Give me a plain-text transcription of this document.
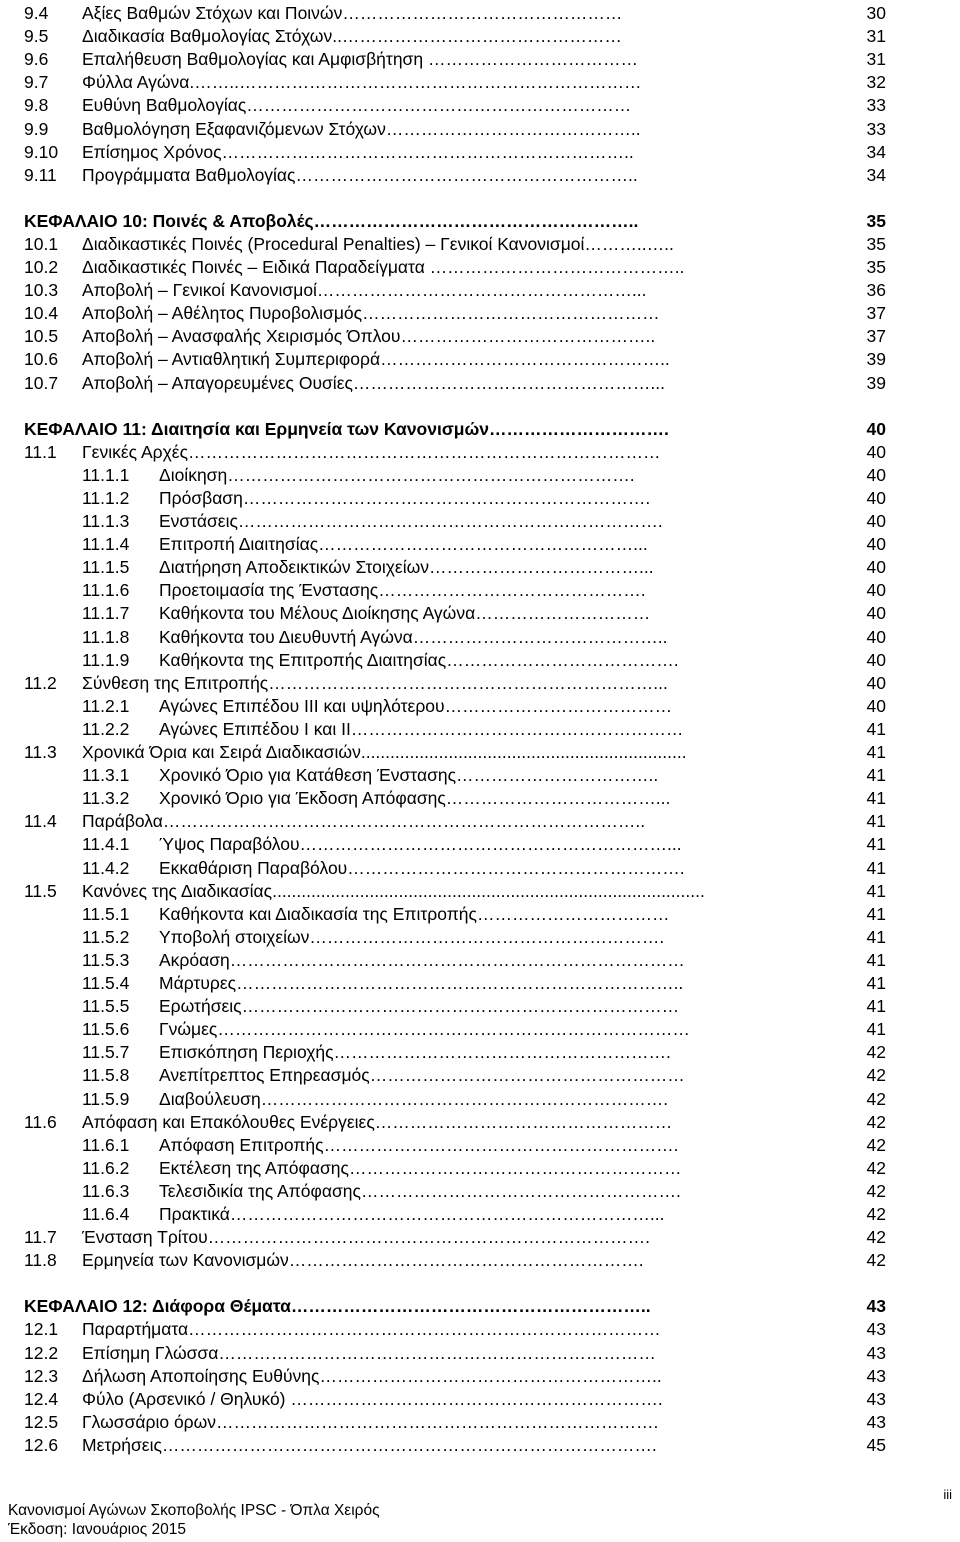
9.4 Αξίες Βαθμών Στόχων και Ποινών…………………………………………	30
9.5 Διαδικασία Βαθμολογίας Στόχων..…………………………………………	31
9.6 Επαλήθευση Βαθμολογίας και Αμφισβήτηση ………………………………	31
9.7 Φύλλα Αγώνα.……..……………………………………………………………	32
9.8 Ευθύνη Βαθμολογίας…………………………………………………………	33
9.9 Βαθμολόγηση Εξαφανιζόμενων Στόχων……………………………………..	33
9.10 Επίσημος Χρόνος……………………………………………………………..	34
9.11 Προγράμματα Βαθμολογίας…………………………………………………..	34
ΚΕΦΑΛΑΙΟ 10: Ποινές & Αποβολές………………………………………………..	35
10.1 Διαδικαστικές Ποινές (Procedural Penalties) – Γενικοί Κανονισμοί………..…..	35
10.2 Διαδικαστικές Ποινές – Ειδικά Παραδείγματα ……………………………………..	35
10.3 Αποβολή – Γενικοί Κανονισμοί………………………………………………...	36
10.4 Αποβολή – Αθέλητος Πυροβολισμός……………………………………………	37
10.5 Αποβολή – Ανασφαλής Χειρισμός Όπλου……………………………………..	37
10.6 Αποβολή – Αντιαθλητική Συμπεριφορά…………………………………………..	39
10.7 Αποβολή – Απαγορευμένες Ουσίες……………………………………………...	39
ΚΕΦΑΛΑΙΟ 11: Διαιτησία και Ερμηνεία των Κανονισμών………………………….	40
11.1 Γενικές Αρχές………………………………………………………………………	40
11.1.1 Διοίκηση…………………………………………………………….	40
11.1.2 Πρόσβαση…………………………………………………………….	40
11.1.3 Ενστάσεις……………………………………………………………….	40
11.1.4 Επιτροπή Διαιτησίας………………………………………………...	40
11.1.5 Διατήρηση Αποδεικτικών Στοιχείων………………………………...	40
11.1.6 Προετοιμασία της Ένστασης……………………………………….	40
11.1.7 Καθήκοντα του Μέλους Διοίκησης Αγώνα…………………………	40
11.1.8 Καθήκοντα του Διευθυντή Αγώνα……………………………………..	40
11.1.9 Καθήκοντα της Επιτροπής Διαιτησίας………………………………….	40
11.2 Σύνθεση της Επιτροπής…………………………………………………………...	40
11.2.1 Αγώνες Επιπέδου ΙΙΙ και υψηλότερου…………………………………	40
11.2.2 Αγώνες Επιπέδου Ι και ΙΙ…………………………………………………	41
11.3 Χρονικά Όρια και Σειρά Διαδικασιών...................................................................	41
11.3.1 Χρονικό Όριο για Κατάθεση Ένστασης……………………………..	41
11.3.2 Χρονικό Όριο για Έκδοση Απόφασης………………………………...	41
11.4 Παράβολα………………………………………………………………………..	41
11.4.1 Ύψος Παραβόλου………………………………………………………...	41
11.4.2 Εκκαθάριση Παραβόλου………………………………………………….	41
11.5 Κανόνες της Διαδικασίας.........................................................................................	41
11.5.1 Καθήκοντα και Διαδικασία της Επιτροπής……………………………	41
11.5.2 Υποβολή στοιχείων…………………………………………………….	41
11.5.3 Ακρόαση……………………………………………………………………	41
11.5.4 Μάρτυρες…………………………………………………………………..	41
11.5.5 Ερωτήσεις…………………………………………………………………	41
11.5.6 Γνώμες………………………………………………………………………	41
11.5.7 Επισκόπηση Περιοχής………………………………………………….	42
11.5.8 Ανεπίτρεπτος Επηρεασμός………………………………………………	42
11.5.9 Διαβούλευση…………………………………………………………….	42
11.6 Απόφαση και Επακόλουθες Ενέργειες……………………………………………	42
11.6.1 Απόφαση Επιτροπής…………………………………………………….	42
11.6.2 Εκτέλεση της Απόφασης…………………………………………………	42
11.6.3 Τελεσιδικία της Απόφασης……………………………………………….	42
11.6.4 Πρακτικά………………………………………………………………...	42
11.7 Ένσταση Τρίτου………………………………………………………………….	42
11.8 Ερμηνεία των Κανονισμών…………………………………………………….	42
ΚΕΦΑΛΑΙΟ 12: Διάφορα Θέματα……………………………………………………..	43
12.1 Παραρτήματα………………………………………………………………………	43
12.2 Επίσημη Γλώσσα…………………………………………………………………	43
12.3 Δήλωση Αποποίησης Ευθύνης…………………………………………………..	43
12.4 Φύλο (Αρσενικό / Θηλυκό) ……………………………………………………….	43
12.5 Γλωσσάριο όρων………………………………………………………………….	43
12.6 Μετρήσεις………………………………………………………………………….	45
Κανονισμοί Αγώνων Σκοποβολής IPSC - Όπλα Χειρός
Έκδοση: Ιανουάριος 2015
iii
